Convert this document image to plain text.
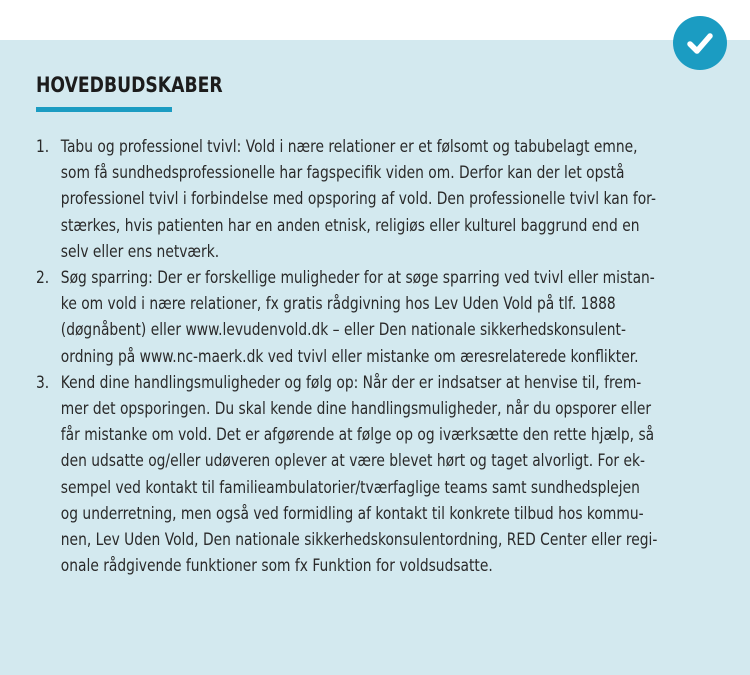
HOVEDBUDSKABER
1. Tabu og professionel tvivl: Vold i nære relationer er et følsomt og tabubelagt emne,
som få sundhedsprofessionelle har fagspecifik viden om. Derfor kan der let opstå
professionel tvivl i forbindelse med opsporing af vold. Den professionelle tvivl kan for-
stærkes, hvis patienten har en anden etnisk, religiøs eller kulturel baggrund end en
selv eller ens netværk.
2. Søg sparring: Der er forskellige muligheder for at søge sparring ved tvivl eller mistan-
ke om vold i nære relationer, fx gratis rådgivning hos Lev Uden Vold på tlf. 1888
(døgnåbent) eller www.levudenvold.dk – eller Den nationale sikkerhedskonsulent-
ordning på www.nc-maerk.dk ved tvivl eller mistanke om æresrelaterede konflikter.
3. Kend dine handlingsmuligheder og følg op: Når der er indsatser at henvise til, frem-
mer det opsporingen. Du skal kende dine handlingsmuligheder, når du opsporer eller
får mistanke om vold. Det er afgørende at følge op og iværksætte den rette hjælp, så
den udsatte og/eller udøveren oplever at være blevet hørt og taget alvorligt. For ek-
sempel ved kontakt til familieambulatorier/tværfaglige teams samt sundhedsplejen
og underretning, men også ved formidling af kontakt til konkrete tilbud hos kommu-
nen, Lev Uden Vold, Den nationale sikkerhedskonsulentordning, RED Center eller regi-
onale rådgivende funktioner som fx Funktion for voldsudsatte.
